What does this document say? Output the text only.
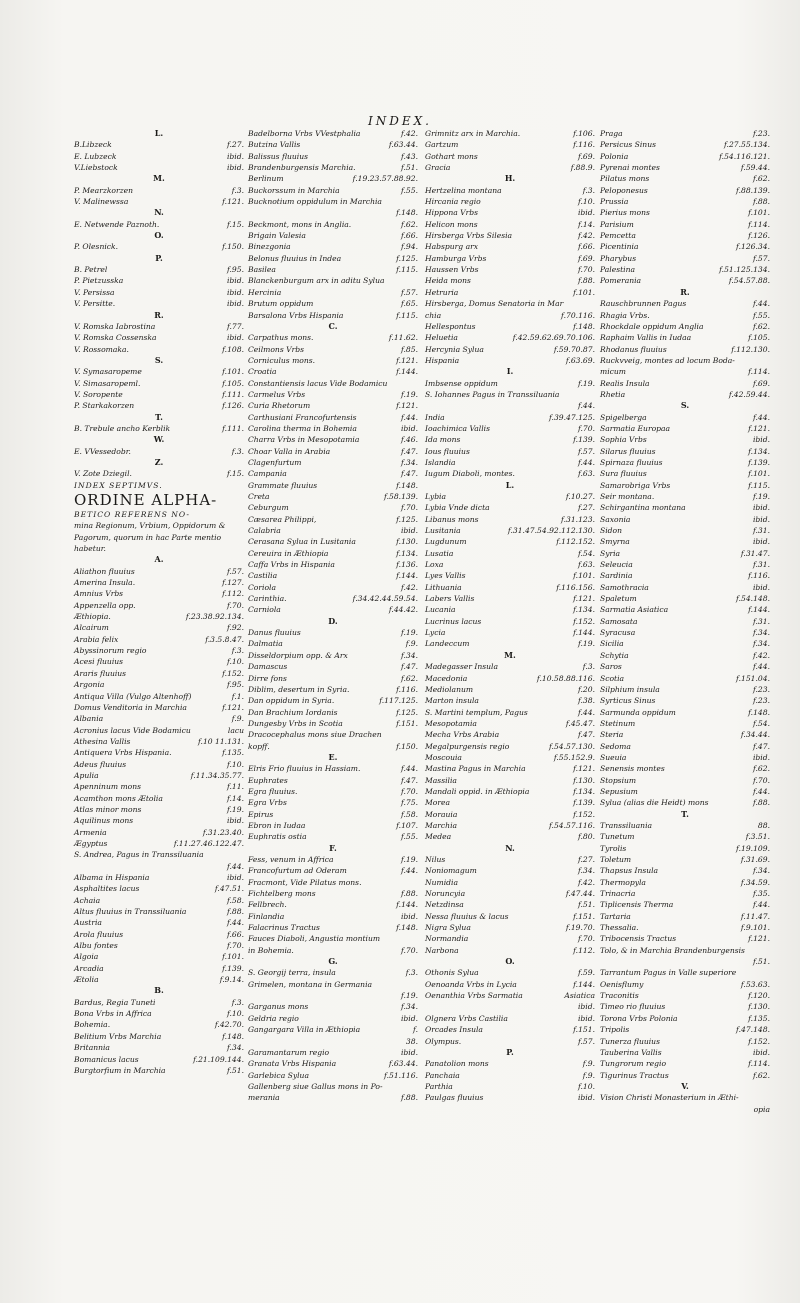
INDEX.
L.
B.Libzeck	f.27.
E. Lubzeck	ibid.
V.Liebstock	ibid.
M.
P. Mearzkorzen	f.3.
V. Malinewssa	f.121.
N.
E. Netwende Paznoth.	f.15.
O.
P. Olesnick.	f.150.
P.
B. Petrel	f.95.
P. Pietzusska	ibid.
V. Persissa	ibid.
V. Persitte.	ibid.
R.
V. Romska Iabrostina	f.77.
V. Romska Cossenska	ibid.
V. Rossomaka.	f.108.
S.
V. Symasaropeme	f.101.
V. Simasaropeml.	f.105.
V. Soropente	f.111.
P. Starkakorzen	f.126.
T.
B. Trebule ancho Kerblik	f.111.
W.
E. VVessedobr.	f.3.
Z.
V. Zote Dziegil.	f.15.
INDEX SEPTIMVS.
ORDINE ALPHA-
BETICO REFERENS NO-
mina Regionum, Vrbium, Oppidorum & Pagorum, quorum in hac Parte mentio habetur.
A.
Aliathon fluuius	f.57.
Amerina Insula.	f.127.
Amnius Vrbs	f.112.
Appenzella opp.	f.70.
Æthiopia.	f.23.38.92.134.
Alcairum	f.92.
Arabia felix	f.3.5.8.47.
Abyssinorum regio	f.3.
Acesi fluuius	f.10.
Araris fluuius	f.152.
Argonia	f.95.
Antiqua Villa (Vulgo Altenhoff)	f.1.
Domus Venditoria in Marchia	f.121.
Albania	f.9.
Acronius lacus Vide Bodamicu	lacu
Athesina Vallis	f.10 11.131.
Antiquera Vrbs Hispania.	f.135.
Adeus fluuius	f.10.
Apulia	f.11.34.35.77.
Apenninum mons	f.11.
Acamthon mons Ætolia	f.14.
Atlas minor mons	f.19.
Aquilinus mons	ibid.
Armenia	f.31.23.40.
Ægyptus	f.11.27.46.122.47.
S. Andrea, Pagus in Transsiluania
f.44.
Albama in Hispania	ibid.
Asphaltites lacus	f.47.51.
Achaia	f.58.
Altus fluuius in Transsiluania	f.88.
Austria	f.44.
Arola fluuius	f.66.
Albu fontes	f.70.
Algoia	f.101.
Arcadia	f.139.
Ætolia	f.9.14.
B.
Bardus, Regia Tuneti	f.3.
Bona Vrbs in Affrica	f.10.
Bohemia.	f.42.70.
Belitium Vrbs Marchia	f.148.
Britannia	f.34.
Bomanicus lacus	f.21.109.144.
Burgtorfium in Marchia	f.51.
Badelborna Vrbs VVestphalia	f.42.
Butzina Vallis	f.63.44.
Balissus fluuius	f.43.
Brandenburgensis Marchia.	f.51.
Berlinum	f.19.23.57.88.92.
Buckorssum in Marchia	f.55.
Bucknotium oppidulum in Marchia
f.148.
Beckmont, mons in Anglia.	f.62.
Brigain Valesia	f.66.
Binezgonia	f.94.
Belonus fluuius in Indea	f.125.
Basilea	f.115.
Blanckenburgum arx in aditu Sylua
Hercinia	f.57.
Brutum oppidum	f.65.
Barsalona Vrbs Hispania	f.115.
C.
Carpathus mons.	f.11.62.
Ceilmons Vrbs	f.85.
Corniculus mons.	f.121.
Croatia	f.144.
Constantiensis lacus Vide Bodamicu
Carmelus Vrbs	f.19.
Curia Rhetorum	f.121.
Carthusiani Francofurtensis	f.44.
Carolina therma in Bohemia	ibid.
Charra Vrbs in Mesopotamia	f.46.
Choar Valla in Arabia	f.47.
Clagenfurtum	f.34.
Campania	f.47.
Grammate fluuius	f.148.
Creta	f.58.139.
Ceburgum	f.70.
Cæsarea Philippi,	f.125.
Calabria	ibid.
Cerasana Sylua in Lusitania	f.130.
Cereuira in Æthiopia	f.134.
Caffa Vrbs in Hispania	f.136.
Castilia	f.144.
Coriola	f.42.
Carinthia.	f.34.42.44.59.54.
Carniola	f.44.42.
D.
Danus fluuius	f.19.
Dalmatia	f.9.
Disseldorpium opp. & Arx	f.34.
Damascus	f.47.
Dirre fons	f.62.
Diblim, desertum in Syria.	f.116.
Dan oppidum in Syria.	f.117.125.
Dan Brachium Iordanis	f.125.
Dungesby Vrbs in Scotia	f.151.
Dracocephalus mons siue Drachen
kopff.	f.150.
E.
Elris Frio fluuius in Hassiam.	f.44.
Euphrates	f.47.
Egra fluuius.	f.70.
Egra Vrbs	f.75.
Epirus	f.58.
Ebron in Iudaa	f.107.
Euphratis ostia	f.55.
F.
Fess, venum in Affrica	f.19.
Francofurtum ad Oderam	f.44.
Fracmont, Vide Pilatus mons.
Fichtelberg mons	f.88.
Fellbrech.	f.144.
Finlandia	ibid.
Falacrinus Tractus	f.148.
Fauces Diaboli, Angustia montium
in Bohemia.	f.70.
G.
S. Georgij terra, insula	f.3.
Grimelen, montana in Germania
f.19.
Garganus mons	f.34.
Geldria regio	ibid.
Gangargara Villa in Æthiopia	f.
38.
Garamantarum regio	ibid.
Granata Vrbs Hispania	f.63.44.
Garlebica Sylua	f.51.116.
Gallenberg siue Gallus mons in Po-
merania	f.88.
Grimnitz arx in Marchia.	f.106.
Gartzum	f.116.
Gothart mons	f.69.
Gracia	f.88.9.
H.
Hertzelina montana	f.3.
Hircania regio	f.10.
Hippona Vrbs	ibid.
Helicon mons	f.14.
Hirsberga Vrbs Silesia	f.42.
Habspurg arx	f.66.
Hamburga Vrbs	f.69.
Haussen Vrbs	f.70.
Heida mons	f.88.
Hetruria	f.101.
Hirsberga, Domus Senatoria in Mar
chia	f.70.116.
Hellespontus	f.148.
Heluetia	f.42.59.62.69.70.106.
Hercynia Sylua	f.59.70.87.
Hispania	f.63.69.
I.
Imbsense oppidum	f.19.
S. Iohannes Pagus in Transsiluania
f.44.
India	f.39.47.125.
Ioachimica Vallis	f.70.
Ida mons	f.139.
Ious fluuius	f.57.
Islandia	f.44.
Iugum Diaboli, montes.	f.63.
L.
Lybia	f.10.27.
Lybia Vnde dicta	f.27.
Libanus mons	f.31.123.
Lusitania	f.31.47.54.92.112.130.
Lugdunum	f.112.152.
Lusatia	f.54.
Loxa	f.63.
Lyes Vallis	f.101.
Lithuania	f.116.156.
Labers Vallis	f.121.
Lucania	f.134.
Lucrinus lacus	f.152.
Lycia	f.144.
Landeccum	f.19.
M.
Madegasser Insula	f.3.
Macedonia	f.10.58.88.116.
Mediolanum	f.20.
Marton insula	f.38.
S. Martini templum, Pagus	f.44.
Mesopotamia	f.45.47.
Mecha Vrbs Arabia	f.47.
Megalpurgensis regio	f.54.57.130.
Moscouia	f.55.152.9.
Mastina Pagus in Marchia	f.121.
Massilia	f.130.
Mandali oppid. in Æthiopia	f.134.
Morea	f.139.
Morauia	f.152.
Marchia	f.54.57.116.
Medea	f.80.
N.
Nilus	f.27.
Noniomagum	f.34.
Numidia	f.42.
Noruncyia	f.47.44.
Netzdinsa	f.51.
Nessa fluuius & lacus	f.151.
Nigra Sylua	f.19.70.
Normandia	f.70.
Narbona	f.112.
O.
Othonis Sylua	f.59.
Oenoanda Vrbs in Lycia	f.144.
Oenanthia Vrbs Sarmatia	Asiatica
ibid.
Olgnera Vrbs Castilia	ibid.
Orcades Insula	f.151.
Olympus.	f.57.
P.
Panatolion mons	f.9.
Panchaia	f.9.
Parthia	f.10.
Paulgas fluuius	ibid.
Praga	f.23.
Persicus Sinus	f.27.55.134.
Polonia	f.54.116.121.
Pyrenai montes	f.59.44.
Pilatus mons	f.62.
Peloponesus	f.88.139.
Prussia	f.88.
Pierius mons	f.101.
Parisium	f.114.
Pemcetta	f.126.
Picentinia	f.126.34.
Pharybus	f.57.
Palestina	f.51.125.134.
Pomerania	f.54.57.88.
R.
Rauschbrunnen Pagus	f.44.
Rhagia Vrbs.	f.55.
Rhockdale oppidum Anglia	f.62.
Raphaim Vallis in Iudaa	f.105.
Rhodanus fluuius	f.112.130.
Ruckvveig, montes ad locum Boda-
micum	f.114.
Realis Insula	f.69.
Rhetia	f.42.59.44.
S.
Spigelberga	f.44.
Sarmatia Europaa	f.121.
Sophia Vrbs	ibid.
Silarus fluuius	f.134.
Spirnaza fluuius	f.139.
Sura fluuius	f.101.
Samarobriga Vrbs	f.115.
Seir montana.	f.19.
Schirgantina montana	ibid.
Saxonia	ibid.
Sidon	f.31.
Smyrna	ibid.
Syria	f.31.47.
Seleucia	f.31.
Sardinia	f.116.
Samothracia	ibid.
Spaletum	f.54.148.
Sarmatia Asiatica	f.144.
Samosata	f.31.
Syracusa	f.34.
Sicilia	f.34.
Schytia	f.42.
Saros	f.44.
Scotia	f.151.04.
Silphium insula	f.23.
Syrticus Sinus	f.23.
Sarmunda oppidum	f.148.
Stetinum	f.54.
Steria	f.34.44.
Sedoma	f.47.
Sueuia	ibid.
Senensis montes	f.62.
Stopsium	f.70.
Sepusium	f.44.
Sylua (alias die Heidt) mons	f.88.
T.
Transsiluania	88.
Tunetum	f.3.51.
Tyrolis	f.19.109.
Toletum	f.31.69.
Thapsus Insula	f.34.
Thermopyla	f.34.59.
Trinacria	f.35.
Tiplicensis Therma	f.44.
Tartaria	f.11.47.
Thessalia.	f.9.101.
Tribocensis Tractus	f.121.
Tolo, & in Marchia Brandenburgensis
f.51.
Tarrantum Pagus in Valle superiore
Oenisflumy	f.53.63.
Traconitis	f.120.
Timeo rio fluuius	f.130.
Torona Vrbs Polonia	f.135.
Tripolis	f.47.148.
Tunerza fluuius	f.152.
Tauberina Vallis	ibid.
Tungrorum regio	f.114.
Tigurinus Tractus	f.62.
V.
Vision Christi Monasterium in Æthi-
opia
